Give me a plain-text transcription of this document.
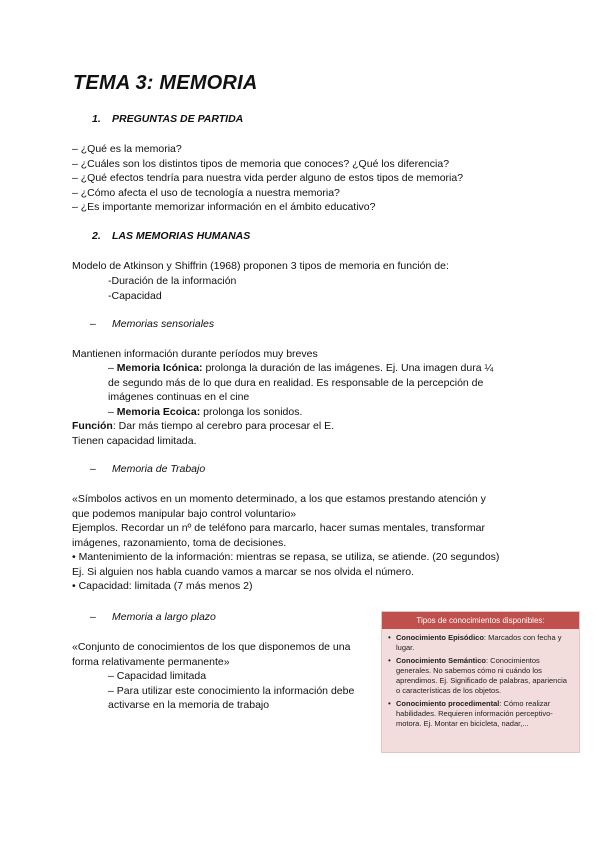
TEMA 3: MEMORIA
1. PREGUNTAS DE PARTIDA
– ¿Qué es la memoria?
– ¿Cuáles son los distintos tipos de memoria que conoces? ¿Qué los diferencia?
– ¿Qué efectos tendría para nuestra vida perder alguno de estos tipos de memoria?
– ¿Cómo afecta el uso de tecnología a nuestra memoria?
– ¿Es importante memorizar información en el ámbito educativo?
2. LAS MEMORIAS HUMANAS
Modelo de Atkinson y Shiffrin (1968) proponen 3 tipos de memoria en función de:
-Duración de la información
-Capacidad
– Memorias sensoriales
Mantienen información durante períodos muy breves
– Memoria Icónica: prolonga la duración de las imágenes. Ej. Una imagen dura ¼
de segundo más de lo que dura en realidad. Es responsable de la percepción de
imágenes continuas en el cine
– Memoria Ecoica: prolonga los sonidos.
Función: Dar más tiempo al cerebro para procesar el E.
Tienen capacidad limitada.
– Memoria de Trabajo
«Símbolos activos en un momento determinado, a los que estamos prestando atención y
que podemos manipular bajo control voluntario»
Ejemplos. Recordar un nº de teléfono para marcarlo, hacer sumas mentales, transformar
imágenes, razonamiento, toma de decisiones.
• Mantenimiento de la información: mientras se repasa, se utiliza, se atiende. (20 segundos)
Ej. Si alguien nos habla cuando vamos a marcar se nos olvida el número.
• Capacidad: limitada (7 más menos 2)
– Memoria a largo plazo
«Conjunto de conocimientos de los que disponemos de una
forma relativamente permanente»
– Capacidad limitada
– Para utilizar este conocimiento la información debe
activarse en la memoria de trabajo
Tipos de conocimientos disponibles:
• Conocimiento Episódico: Marcados con fecha y lugar.
• Conocimiento Semántico: Conocimientos generales. No sabemos cómo ni cuándo los aprendimos. Ej. Significado de palabras, apariencia o características de los objetos.
• Conocimiento procedimental: Cómo realizar habilidades. Requieren información perceptivo-motora. Ej. Montar en bicicleta, nadar,...
